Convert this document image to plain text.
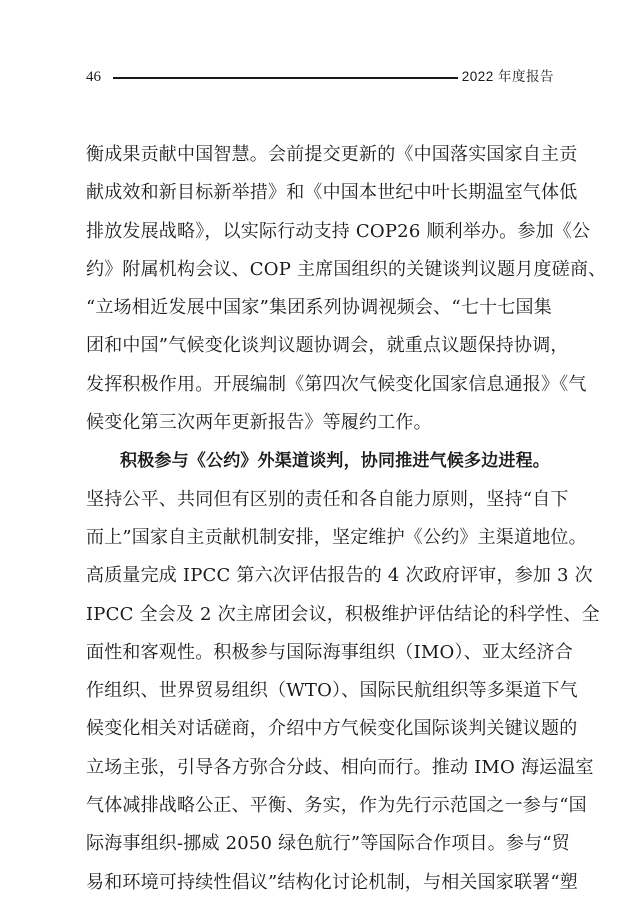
46	2022 年度报告
衡成果贡献中国智慧。会前提交更新的《中国落实国家自主贡
献成效和新目标新举措》和《中国本世纪中叶长期温室气体低
排放发展战略》，以实际行动支持 COP26 顺利举办。参加《公
约》附属机构会议、COP 主席国组织的关键谈判议题月度磋商、
“立场相近发展中国家”集团系列协调视频会、“七十七国集
团和中国”气候变化谈判议题协调会，就重点议题保持协调，
发挥积极作用。开展编制《第四次气候变化国家信息通报》《气
候变化第三次两年更新报告》等履约工作。
积极参与《公约》外渠道谈判，协同推进气候多边进程。
坚持公平、共同但有区别的责任和各自能力原则，坚持“自下
而上”国家自主贡献机制安排，坚定维护《公约》主渠道地位。
高质量完成 IPCC 第六次评估报告的 4 次政府评审，参加 3 次
IPCC 全会及 2 次主席团会议，积极维护评估结论的科学性、全
面性和客观性。积极参与国际海事组织（IMO）、亚太经济合
作组织、世界贸易组织（WTO）、国际民航组织等多渠道下气
候变化相关对话磋商，介绍中方气候变化国际谈判关键议题的
立场主张，引导各方弥合分歧、相向而行。推动 IMO 海运温室
气体减排战略公正、平衡、务实，作为先行示范国之一参与“国
际海事组织-挪威 2050 绿色航行”等国际合作项目。参与“贸
易和环境可持续性倡议”结构化讨论机制，与相关国家联署“塑
